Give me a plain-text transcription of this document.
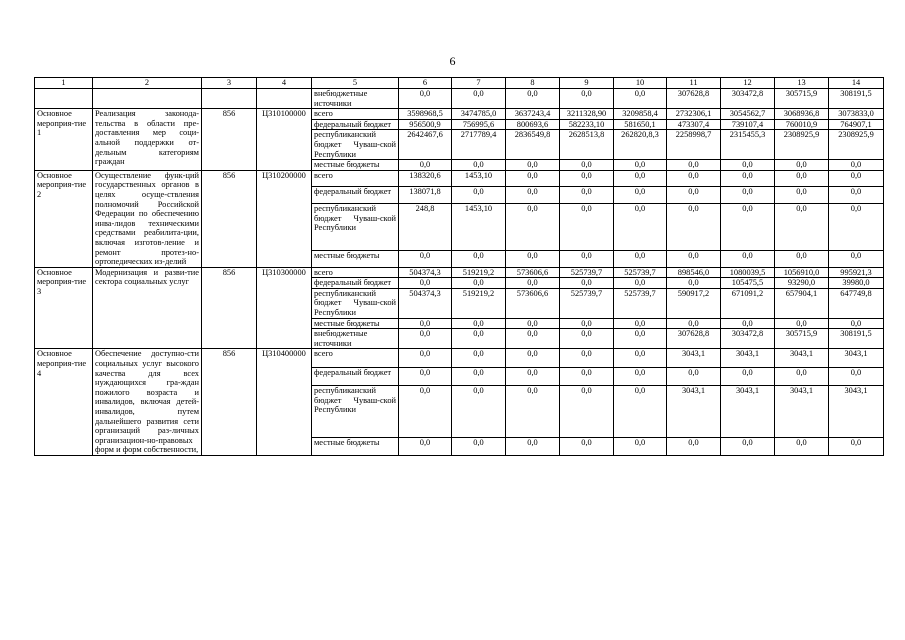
6
1	2	3	4	5	6	7	8	9	10	11	12	13	14
				внебюджетные источники	0,0	0,0	0,0	0,0	0,0	307628,8	303472,8	305715,9	308191,5
Основное мероприя-тие 1	Реализация законода-тельства в области пре-доставления мер соци-альной поддержки от-дельным категориям граждан	856	Ц310100000	всего	3598968,5	3474785,0	3637243,4	3211328,90	3209858,4	2732306,1	3054562,7	3068936,8	3073833,0
				федеральный бюджет	956500,9	756995,6	800693,6	582233,10	581650,1	473307,4	739107,4	760010,9	764907,1
				республиканский бюджет Чуваш-ской Республики	2642467,6	2717789,4	2836549,8	2628513,8	262820,8,3	2258998,7	2315455,3	2308925,9	2308925,9
				местные бюджеты	0,0	0,0	0,0	0,0	0,0	0,0	0,0	0,0	0,0
Основное мероприя-тие 2	Осуществление функ-ций государственных органов в целях осуще-ствления полномочий Российской Федерации по обеспечению инва-лидов техническими средствами реабилита-ции, включая изготов-ление и ремонт протез-но-ортопедических из-делий	856	Ц310200000	всего	138320,6	1453,10	0,0	0,0	0,0	0,0	0,0	0,0	0,0
				федеральный бюджет	138071,8	0,0	0,0	0,0	0,0	0,0	0,0	0,0	0,0
				республиканский бюджет Чуваш-ской Республики	248,8	1453,10	0,0	0,0	0,0	0,0	0,0	0,0	0,0
				местные бюджеты	0,0	0,0	0,0	0,0	0,0	0,0	0,0	0,0	0,0
Основное мероприя-тие 3	Модернизация и разви-тие сектора социальных услуг	856	Ц310300000	всего	504374,3	519219,2	573606,6	525739,7	525739,7	898546,0	1080039,5	1056910,0	995921,3
				федеральный бюджет	0,0	0,0	0,0	0,0	0,0	0,0	105475,5	93290,0	39980,0
				республиканский бюджет Чуваш-ской Республики	504374,3	519219,2	573606,6	525739,7	525739,7	590917,2	671091,2	657904,1	647749,8
				местные бюджеты	0,0	0,0	0,0	0,0	0,0	0,0	0,0	0,0	0,0
				внебюджетные источники	0,0	0,0	0,0	0,0	0,0	307628,8	303472,8	305715,9	308191,5
Основное мероприя-тие 4	Обеспечение доступно-сти социальных услуг высокого качества для всех нуждающихся гра-ждан пожилого возраста и инвалидов, включая детей-инвалидов, путем дальнейшего развития сети организаций раз-личных организацион-но-правовых форм и форм собственности,	856	Ц310400000	всего	0,0	0,0	0,0	0,0	0,0	3043,1	3043,1	3043,1	3043,1
				федеральный бюджет	0,0	0,0	0,0	0,0	0,0	0,0	0,0	0,0	0,0
				республиканский бюджет Чуваш-ской Республики	0,0	0,0	0,0	0,0	0,0	3043,1	3043,1	3043,1	3043,1
				местные бюджеты	0,0	0,0	0,0	0,0	0,0	0,0	0,0	0,0	0,0
